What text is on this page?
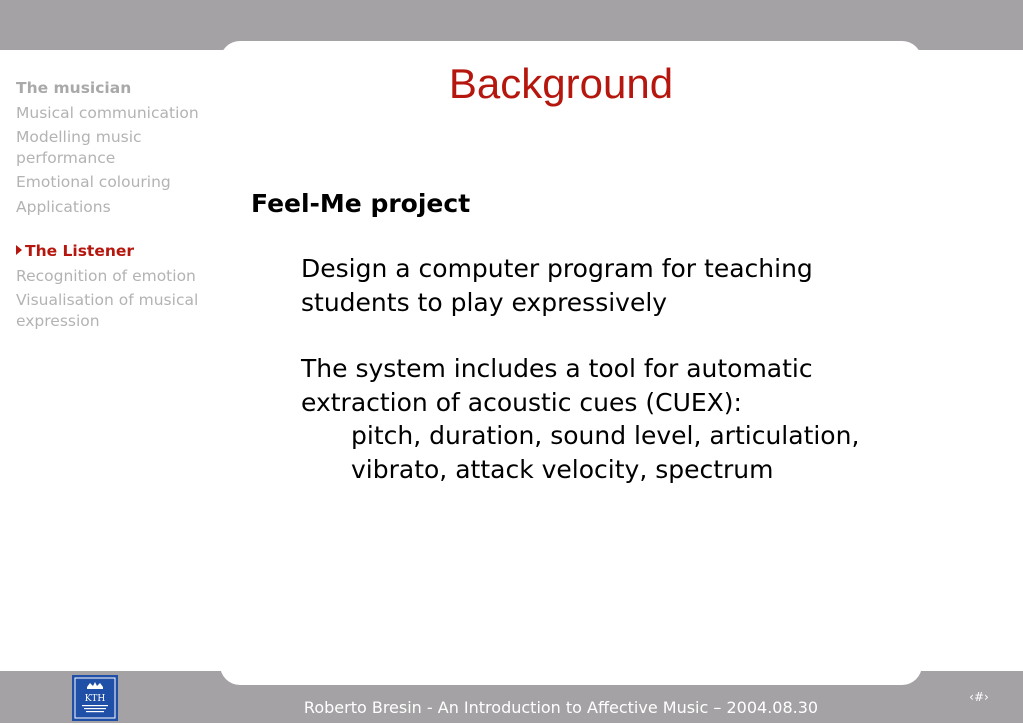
The musician
Musical communication
Modelling music performance
Emotional colouring
Applications
The Listener
Recognition of emotion
Visualisation of musical expression
Background
Feel-Me project
Design a computer program for teaching students to play expressively
The system includes a tool for automatic extraction of acoustic cues (CUEX):
pitch, duration, sound level, articulation, vibrato, attack velocity, spectrum
KTH	Roberto Bresin - An Introduction to Affective Music – 2004.08.30
‹#›
